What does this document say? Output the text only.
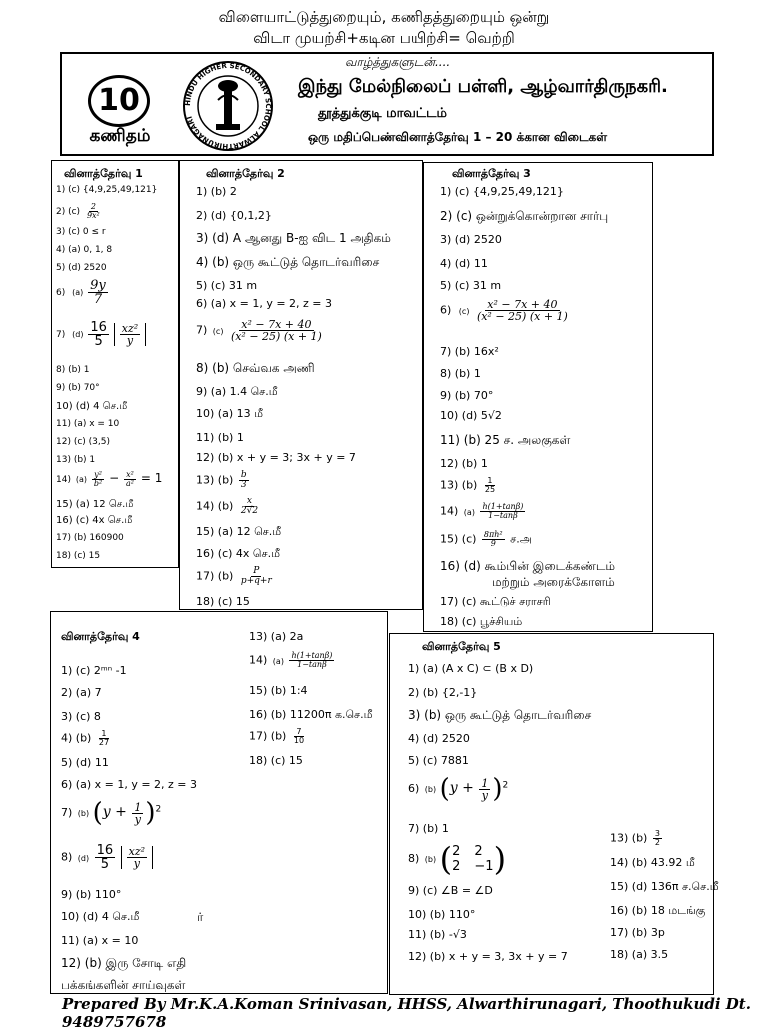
விளையாட்டுத்துறையும், கணிதத்துறையும் ஒன்று
விடா முயற்சி+கடின பயிற்சி= வெற்றி
10
கணிதம்
HINDU HIGHER SECONDARY SCHOOL ALWARTHIRUNAGARI
வாழ்த்துகளுடன்....
இந்து மேல்நிலைப் பள்ளி, ஆழ்வார்திருநகரி.
தூத்துக்குடி மாவட்டம்
ஒரு மதிப்பெண்வினாத்தேர்வு 1 – 20 க்கான விடைகள்
வினாத்தேர்வு 1
1) (c) {4,9,25,49,121}
2) $(c) \frac{2}{\text{9x²}}$
3) (c) 0 ≤ r
4) (a) 0, 1, 8
5) (d) 2520
6) $(a) \frac{9y}{7}$
7) $(d) \frac{16}{5}$
$\frac{\text{xz²}}{y}$
8) (b) 1
9) (b) 70°
10) (d) 4 செ.மீ
11) (a) x = 10
12) (c) (3,5)
13) (b) 1
14) $(a) \frac{\text{y²}}{\text{b²}} - \frac{\text{x²}}{\text{a²}} = 1$
15) (a) 12 செ.மீ
16) (c) 4x செ.மீ
17) (b) 160900
18) (c) 15
வினாத்தேர்வு 2
1) (b) 2
2) (d) {0,1,2}
3) (d) A ஆனது B-ஐ விட 1 அதிகம்
4) (b) ஒரு கூட்டுத் தொடர்வரிசை
5) (c) 31 m
6) (a) x = 1, y = 2, z = 3
7) $(c) \frac{\text{x² − 7x + 40}}{\text{(x² − 25) (x + 1)}}$
8) (b) செவ்வக அணி
9) (a) 1.4 செ.மீ
10) (a) 13 மீ
11) (b) 1
12) (b) x + y = 3; 3x + y = 7
13) $(b) \frac{b}{3}$
14) $(b) \frac{x}{2√2}$
15) (a) 12 செ.மீ
16) (c) 4x செ.மீ
17) $(b) \frac{P}{p+q+r}$
18) (c) 15
வினாத்தேர்வு 3
1) (c) {4,9,25,49,121}
2) (c) ஒன்றுக்கொன்றான சார்பு
3) (d) 2520
4) (d) 11
5) (c) 31 m
6) $(c) \frac{\text{x² − 7x + 40}}{\text{(x² − 25) (x + 1)}}$
7) (b) 16x²
8) (b) 1
9) (b) 70°
10) (d) 5√2
11) (b) 25 ச. அலகுகள்
12) (b) 1
13) $(b) \frac{1}{25}$
14) $(a) \frac{h(1+\tan\beta)}{1-\tan\beta}$
15) $(c) \frac{\text{8πh²}}{9}$ ச.அ
16) (d) கூம்பின் இடைக்கண்டம்
மற்றும் அரைக்கோளம்
17) (c) கூட்டுச் சராசரி
18) (c) பூச்சியம்
வினாத்தேர்வு 4
1) (c) 2ᵐⁿ -1
2) (a) 7
3) (c) 8
4) $(b) \frac{1}{27}$
5) (d) 11
6) (a) x = 1, y = 2, z = 3
7) (b) $(y + \frac{1}{y} )^2$
8) $(d) \frac{16}{5}$
$\frac{\text{xz²}}{y}$
9) (b) 110°
10) (d) 4 செ.மீ	ர்
11) (a) x = 10
12) (b) இரு சோடி எதி
பக்கங்களின் சாய்வுகள்
13) (a) 2a
14) $(a) \frac{h(1+\tan\beta)}{1-\tan\beta}$
15) (b) 1:4
16) (b) 11200π க.செ.மீ
17) $(b) \frac{7}{10}$
18) (c) 15
வினாத்தேர்வு 5
1) (a) (A x C) ⊂ (B x D)
2) (b) {2,-1}
3) (b) ஒரு கூட்டுத் தொடர்வரிசை
4) (d) 2520
5) (c) 7881
6) (b) $(y + \frac{1}{y} )^2$
7) (b) 1
8) (b) ( 2 2
2 −1 )
9) (c) ∠B = ∠D
10) (b) 110°
11) (b) -√3
12) (b) x + y = 3, 3x + y = 7
13) $(b) \frac{3}{2}$
14) (b) 43.92 மீ
15) (d) 136π ச.செ.மீ
16) (b) 18 மடங்கு
17) (b) 3p
18) (a) 3.5
Prepared By Mr.K.A.Koman Srinivasan, HHSS, Alwarthirunagari, Thoothukudi Dt. 9489757678
